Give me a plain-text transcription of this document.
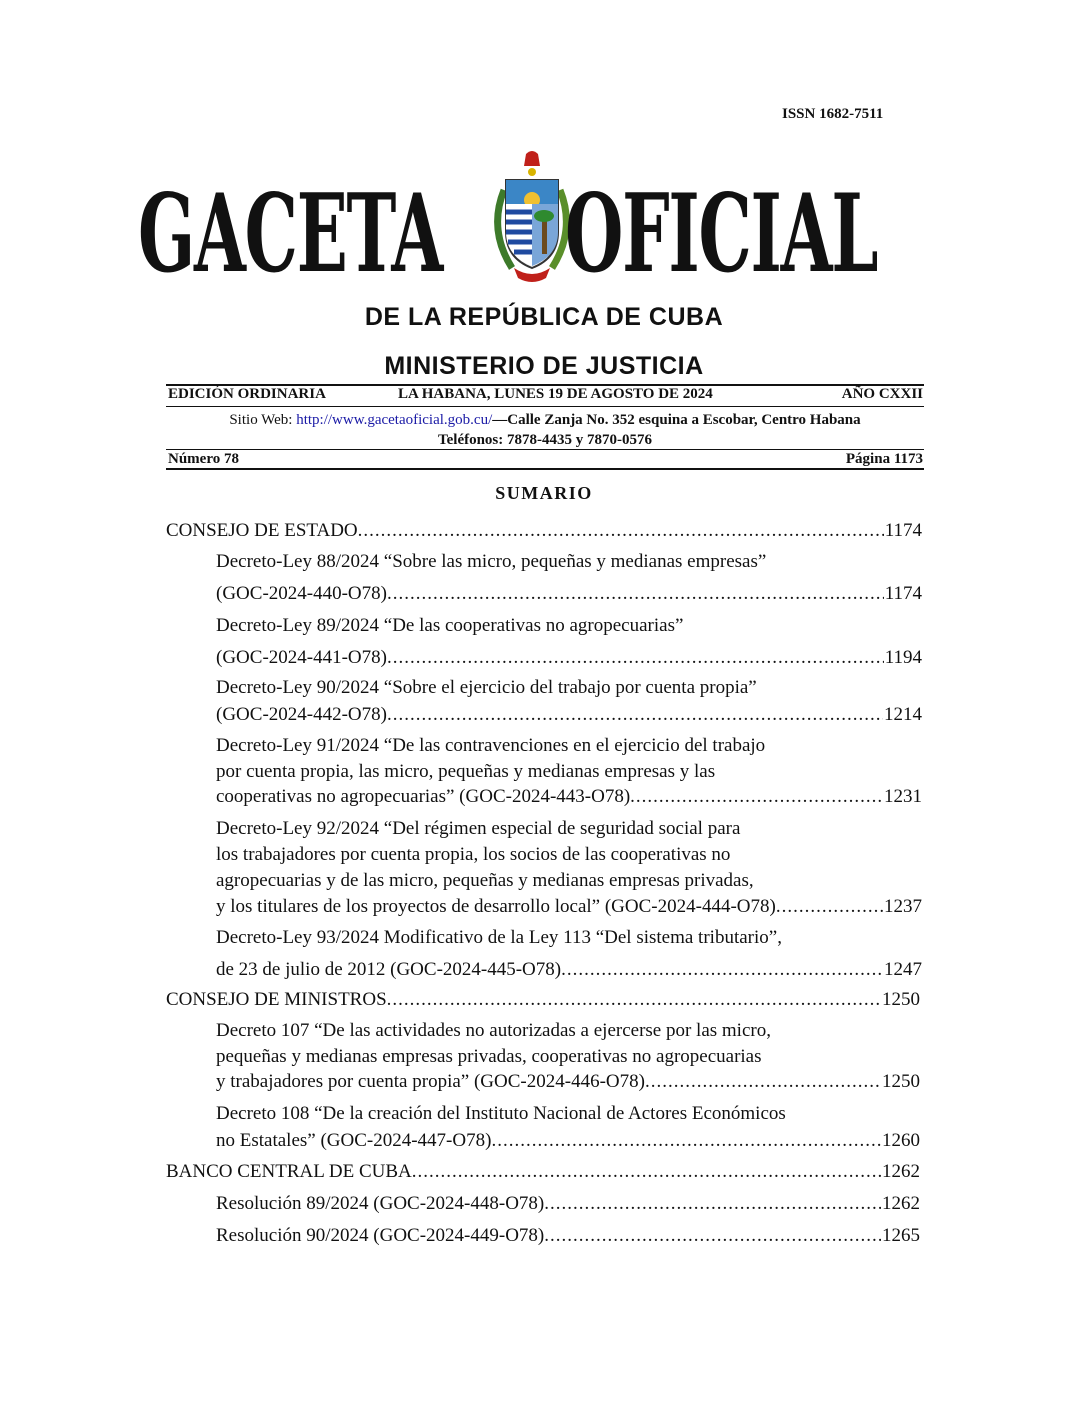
ISSN 1682-7511
GACETA OFICIAL
DE LA REPÚBLICA DE CUBA
MINISTERIO DE JUSTICIA
EDICIÓN ORDINARIA	LA HABANA, LUNES 19 DE AGOSTO DE 2024	AÑO CXXII
Sitio Web: http://www.gacetaoficial.gob.cu/—Calle Zanja No. 352 esquina a Escobar, Centro Habana
Teléfonos: 7878-4435 y 7870-0576
Número 78	Página 1173
SUMARIO
CONSEJO DE ESTADO .....	1174
Decreto-Ley 88/2024 “Sobre las micro, pequeñas y medianas empresas”
(GOC-2024-440-O78) .....	1174
Decreto-Ley 89/2024 “De las cooperativas no agropecuarias”
(GOC-2024-441-O78) .....	1194
Decreto-Ley 90/2024 “Sobre el ejercicio del trabajo por cuenta propia”
(GOC-2024-442-O78) .....	1214
Decreto-Ley 91/2024 “De las contravenciones en el ejercicio del trabajo
por cuenta propia, las micro, pequeñas y medianas empresas y las
cooperativas no agropecuarias” (GOC-2024-443-O78) .....	1231
Decreto-Ley 92/2024 “Del régimen especial de seguridad social para
los trabajadores por cuenta propia, los socios de las cooperativas no
agropecuarias y de las micro, pequeñas y medianas empresas privadas,
y los titulares de los proyectos de desarrollo local” (GOC-2024-444-O78) .....	1237
Decreto-Ley 93/2024 Modificativo de la Ley 113 “Del sistema tributario”,
de 23 de julio de 2012 (GOC-2024-445-O78) .....	1247
CONSEJO DE MINISTROS .....	1250
Decreto 107 “De las actividades no autorizadas a ejercerse por las micro,
pequeñas y medianas empresas privadas, cooperativas no agropecuarias
y trabajadores por cuenta propia” (GOC-2024-446-O78) .....	1250
Decreto 108 “De la creación del Instituto Nacional de Actores Económicos
no Estatales” (GOC-2024-447-O78) .....	1260
BANCO CENTRAL DE CUBA .....	1262
Resolución 89/2024 (GOC-2024-448-O78) .....	1262
Resolución 90/2024 (GOC-2024-449-O78) .....	1265
